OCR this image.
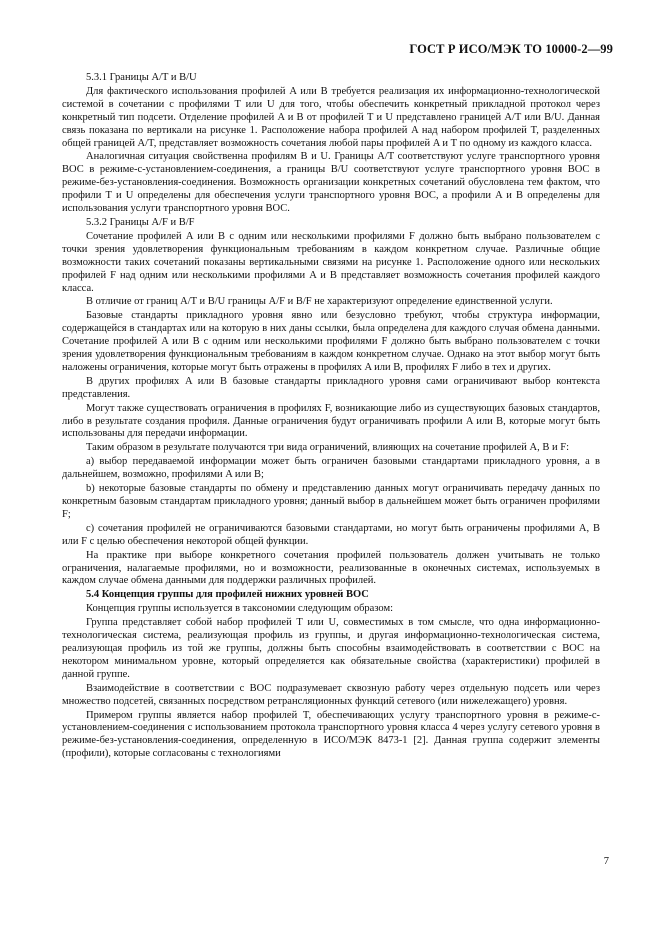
ГОСТ Р ИСО/МЭК ТО 10000-2—99

5.3.1 Границы A/T и B/U

Для фактического использования профилей A или B требуется реализация их информационно-технологической системой в сочетании с профилями T или U для того, чтобы обеспечить конкретный прикладной протокол через конкретный тип подсети. Отделение профилей A и B от профилей T и U представлено границей A/T или B/U. Данная связь показана по вертикали на рисунке 1. Расположение набора профилей A над набором профилей T, разделенных общей границей A/T, представляет возможность сочетания любой пары профилей A и T по одному из каждого класса.

Аналогичная ситуация свойственна профилям B и U. Границы A/T соответствуют услуге транспортного уровня ВОС в режиме-с-установлением-соединения, а границы B/U соответствуют услуге транспортного уровня ВОС в режиме-без-установления-соединения. Возможность организации конкретных сочетаний обусловлена тем фактом, что профили T и U определены для обеспечения услуги транспортного уровня ВОС, а профили A и B определены для использования услуги транспортного уровня ВОС.

5.3.2 Границы A/F и B/F

Сочетание профилей A или B с одним или несколькими профилями F должно быть выбрано пользователем с точки зрения удовлетворения функциональным требованиям в каждом конкретном случае. Различные общие возможности таких сочетаний показаны вертикальными связями на рисунке 1. Расположение одного или нескольких профилей F над одним или несколькими профилями A и B представляет возможность сочетания профилей каждого класса.

В отличие от границ A/T и B/U границы A/F и B/F не характеризуют определение единственной услуги.

Базовые стандарты прикладного уровня явно или безусловно требуют, чтобы структура информации, содержащейся в стандартах или на которую в них даны ссылки, была определена для каждого случая обмена данными. Сочетание профилей A или B с одним или несколькими профилями F должно быть выбрано пользователем с точки зрения удовлетворения функциональным требованиям в каждом конкретном случае. Однако на этот выбор могут быть наложены ограничения, которые могут быть отражены в профилях A или B, профилях F либо в тех и других.

В других профилях A или B базовые стандарты прикладного уровня сами ограничивают выбор контекста представления.

Могут также существовать ограничения в профилях F, возникающие либо из существующих базовых стандартов, либо в результате создания профиля. Данные ограничения будут ограничивать профили A или B, которые могут быть использованы для передачи информации.

Таким образом в результате получаются три вида ограничений, влияющих на сочетание профилей A, B и F:

a) выбор передаваемой информации может быть ограничен базовыми стандартами прикладного уровня, а в дальнейшем, возможно, профилями A или B;

b) некоторые базовые стандарты по обмену и представлению данных могут ограничивать передачу данных по конкретным базовым стандартам прикладного уровня; данный выбор в дальнейшем может быть ограничен профилями F;

c) сочетания профилей не ограничиваются базовыми стандартами, но могут быть ограничены профилями A, B или F с целью обеспечения некоторой общей функции.

На практике при выборе конкретного сочетания профилей пользователь должен учитывать не только ограничения, налагаемые профилями, но и возможности, реализованные в оконечных системах, используемых в каждом случае обмена данными для поддержки различных профилей.

5.4 Концепция группы для профилей нижних уровней ВОС

Концепция группы используется в таксономии следующим образом:

Группа представляет собой набор профилей T или U, совместимых в том смысле, что одна информационно-технологическая система, реализующая профиль из группы, и другая информационно-технологическая система, реализующая профиль из той же группы, должны быть способны взаимодействовать в соответствии с ВОС на некотором минимальном уровне, который определяется как обязательные свойства (характеристики) профилей в данной группе.

Взаимодействие в соответствии с ВОС подразумевает сквозную работу через отдельную подсеть или через множество подсетей, связанных посредством ретрансляционных функций сетевого (или нижележащего) уровня.

Примером группы является набор профилей T, обеспечивающих услугу транспортного уровня в режиме-с-установлением-соединения с использованием протокола транспортного уровня класса 4 через услугу сетевого уровня в режиме-без-установления-соединения, определенную в ИСО/МЭК 8473-1 [2]. Данная группа содержит элементы (профили), которые согласованы с технологиями

7
